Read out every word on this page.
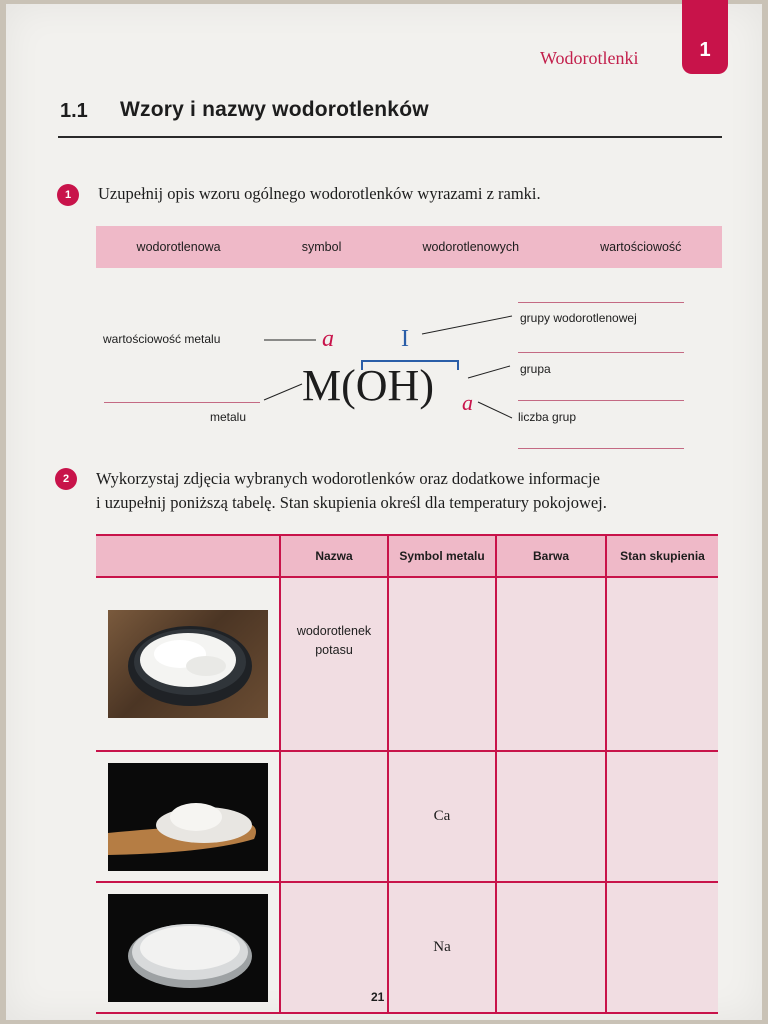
Wodorotlenki	1
1.1 Wzory i nazwy wodorotlenków
1	Uzupełnij opis wzoru ogólnego wodorotlenków wyrazami z ramki.
wodorotlenowa	symbol	wodorotlenowych	wartościowość
wartościowość metalu	a	I
M(OH) a
metalu
grupy wodorotlenowej
grupa
liczba grup
2	Wykorzystaj zdjęcia wybranych wodorotlenków oraz dodatkowe informacje
i uzupełnij poniższą tabelę. Stan skupienia określ dla temperatury pokojowej.
	Nazwa	Symbol metalu	Barwa	Stan skupienia

	wodorotlenek potasu			

		Ca		

		Na		
21
